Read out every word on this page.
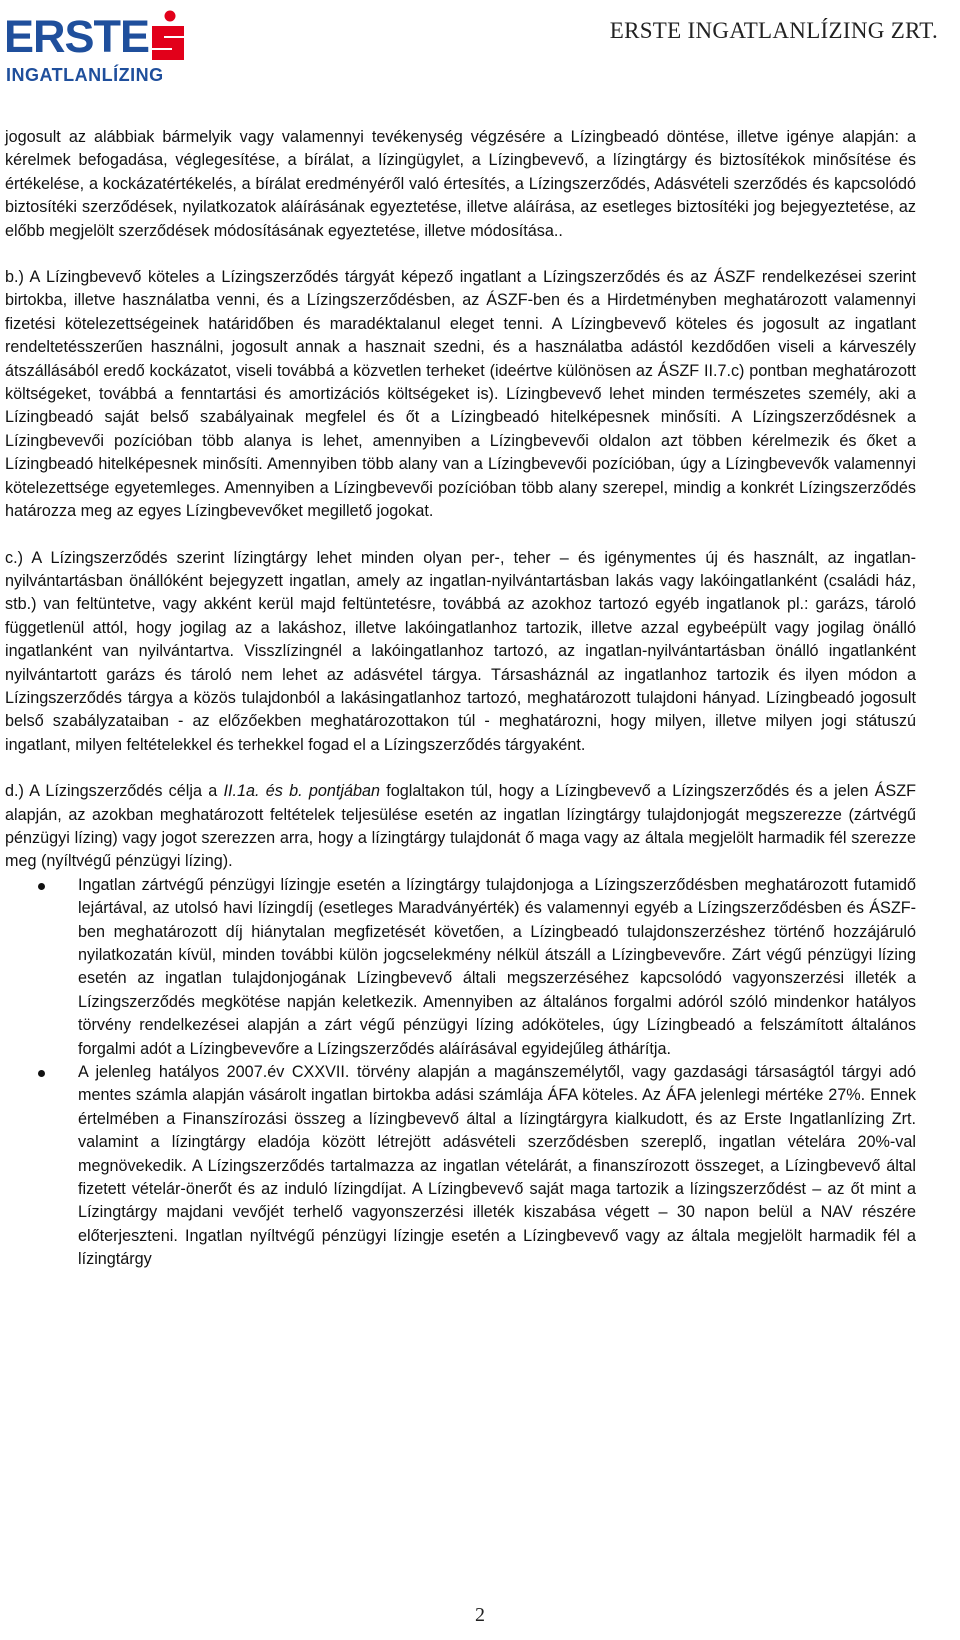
ERSTE
INGATLANLÍZING
ERSTE INGATLANLÍZING ZRT.

jogosult az alábbiak bármelyik vagy valamennyi tevékenység végzésére a Lízingbeadó döntése, illetve igénye alapján: a kérelmek befogadása, véglegesítése, a bírálat, a lízingügylet, a Lízingbevevő, a lízingtárgy és biztosítékok minősítése és értékelése, a kockázatértékelés, a bírálat eredményéről való értesítés, a Lízingszerződés, Adásvételi szerződés és kapcsolódó biztosítéki szerződések, nyilatkozatok aláírásának egyeztetése, illetve aláírása, az esetleges biztosítéki jog bejegyeztetése, az előbb megjelölt szerződések módosításának egyeztetése, illetve módosítása..

b.) A Lízingbevevő köteles a Lízingszerződés tárgyát képező ingatlant a Lízingszerződés és az ÁSZF rendelkezései szerint birtokba, illetve használatba venni, és a Lízingszerződésben, az ÁSZF-ben és a Hirdetményben meghatározott valamennyi fizetési kötelezettségeinek határidőben és maradéktalanul eleget tenni. A Lízingbevevő köteles és jogosult az ingatlant rendeltetésszerűen használni, jogosult annak a hasznait szedni, és a használatba adástól kezdődően viseli a kárveszély átszállásából eredő kockázatot, viseli továbbá a közvetlen terheket (ideértve különösen az ÁSZF II.7.c) pontban meghatározott költségeket, továbbá a fenntartási és amortizációs költségeket is). Lízingbevevő lehet minden természetes személy, aki a Lízingbeadó saját belső szabályainak megfelel és őt a Lízingbeadó hitelképesnek minősíti. A Lízingszerződésnek a Lízingbevevői pozícióban több alanya is lehet, amennyiben a Lízingbevevői oldalon azt többen kérelmezik és őket a Lízingbeadó hitelképesnek minősíti. Amennyiben több alany van a Lízingbevevői pozícióban, úgy a Lízingbevevők valamennyi kötelezettsége egyetemleges. Amennyiben a Lízingbevevői pozícióban több alany szerepel, mindig a konkrét Lízingszerződés határozza meg az egyes Lízingbevevőket megillető jogokat.

c.) A Lízingszerződés szerint lízingtárgy lehet minden olyan per-, teher – és igénymentes új és használt, az ingatlan-nyilvántartásban önállóként bejegyzett ingatlan, amely az ingatlan-nyilvántartásban lakás vagy lakóingatlanként (családi ház, stb.) van feltüntetve, vagy akként kerül majd feltüntetésre, továbbá az azokhoz tartozó egyéb ingatlanok pl.: garázs, tároló függetlenül attól, hogy jogilag az a lakáshoz, illetve lakóingatlanhoz tartozik, illetve azzal egybeépült vagy jogilag önálló ingatlanként van nyilvántartva. Visszlízingnél a lakóingatlanhoz tartozó, az ingatlan-nyilvántartásban önálló ingatlanként nyilvántartott garázs és tároló nem lehet az adásvétel tárgya. Társasháznál az ingatlanhoz tartozik és ilyen módon a Lízingszerződés tárgya a közös tulajdonból a lakásingatlanhoz tartozó, meghatározott tulajdoni hányad. Lízingbeadó jogosult belső szabályzataiban - az előzőekben meghatározottakon túl - meghatározni, hogy milyen, illetve milyen jogi státuszú ingatlant, milyen feltételekkel és terhekkel fogad el a Lízingszerződés tárgyaként.

d.) A Lízingszerződés célja a II.1a. és b. pontjában foglaltakon túl, hogy a Lízingbevevő a Lízingszerződés és a jelen ÁSZF alapján, az azokban meghatározott feltételek teljesülése esetén az ingatlan lízingtárgy tulajdonjogát megszerezze (zártvégű pénzügyi lízing) vagy jogot szerezzen arra, hogy a lízingtárgy tulajdonát ő maga vagy az általa megjelölt harmadik fél szerezze meg (nyíltvégű pénzügyi lízing).

Ingatlan zártvégű pénzügyi lízingje esetén a lízingtárgy tulajdonjoga a Lízingszerződésben meghatározott futamidő lejártával, az utolsó havi lízingdíj (esetleges Maradványérték) és valamennyi egyéb a Lízingszerződésben és ÁSZF-ben meghatározott díj hiánytalan megfizetését követően, a Lízingbeadó tulajdonszerzéshez történő hozzájáruló nyilatkozatán kívül, minden további külön jogcselekmény nélkül átszáll a Lízingbevevőre. Zárt végű pénzügyi lízing esetén az ingatlan tulajdonjogának Lízingbevevő általi megszerzéséhez kapcsolódó vagyonszerzési illeték a Lízingszerződés megkötése napján keletkezik. Amennyiben az általános forgalmi adóról szóló mindenkor hatályos törvény rendelkezései alapján a zárt végű pénzügyi lízing adóköteles, úgy Lízingbeadó a felszámított általános forgalmi adót a Lízingbevevőre a Lízingszerződés aláírásával egyidejűleg áthárítja.
A jelenleg hatályos 2007.év CXXVII. törvény alapján a magánszemélytől, vagy gazdasági társaságtól tárgyi adó mentes számla alapján vásárolt ingatlan birtokba adási számlája ÁFA köteles. Az ÁFA jelenlegi mértéke 27%. Ennek értelmében a Finanszírozási összeg a lízingbevevő által a lízingtárgyra kialkudott, és az Erste Ingatlanlízing Zrt. valamint a lízingtárgy eladója között létrejött adásvételi szerződésben szereplő, ingatlan vételára 20%-val megnövekedik. A Lízingszerződés tartalmazza az ingatlan vételárát, a finanszírozott összeget, a Lízingbevevő által fizetett vételár-önerőt és az induló lízingdíjat. A Lízingbevevő saját maga tartozik a lízingszerződést – az őt mint a Lízingtárgy majdani vevőjét terhelő vagyonszerzési illeték kiszabása végett – 30 napon belül a NAV részére előterjeszteni. Ingatlan nyíltvégű pénzügyi lízingje esetén a Lízingbevevő vagy az általa megjelölt harmadik fél a lízingtárgy
2
